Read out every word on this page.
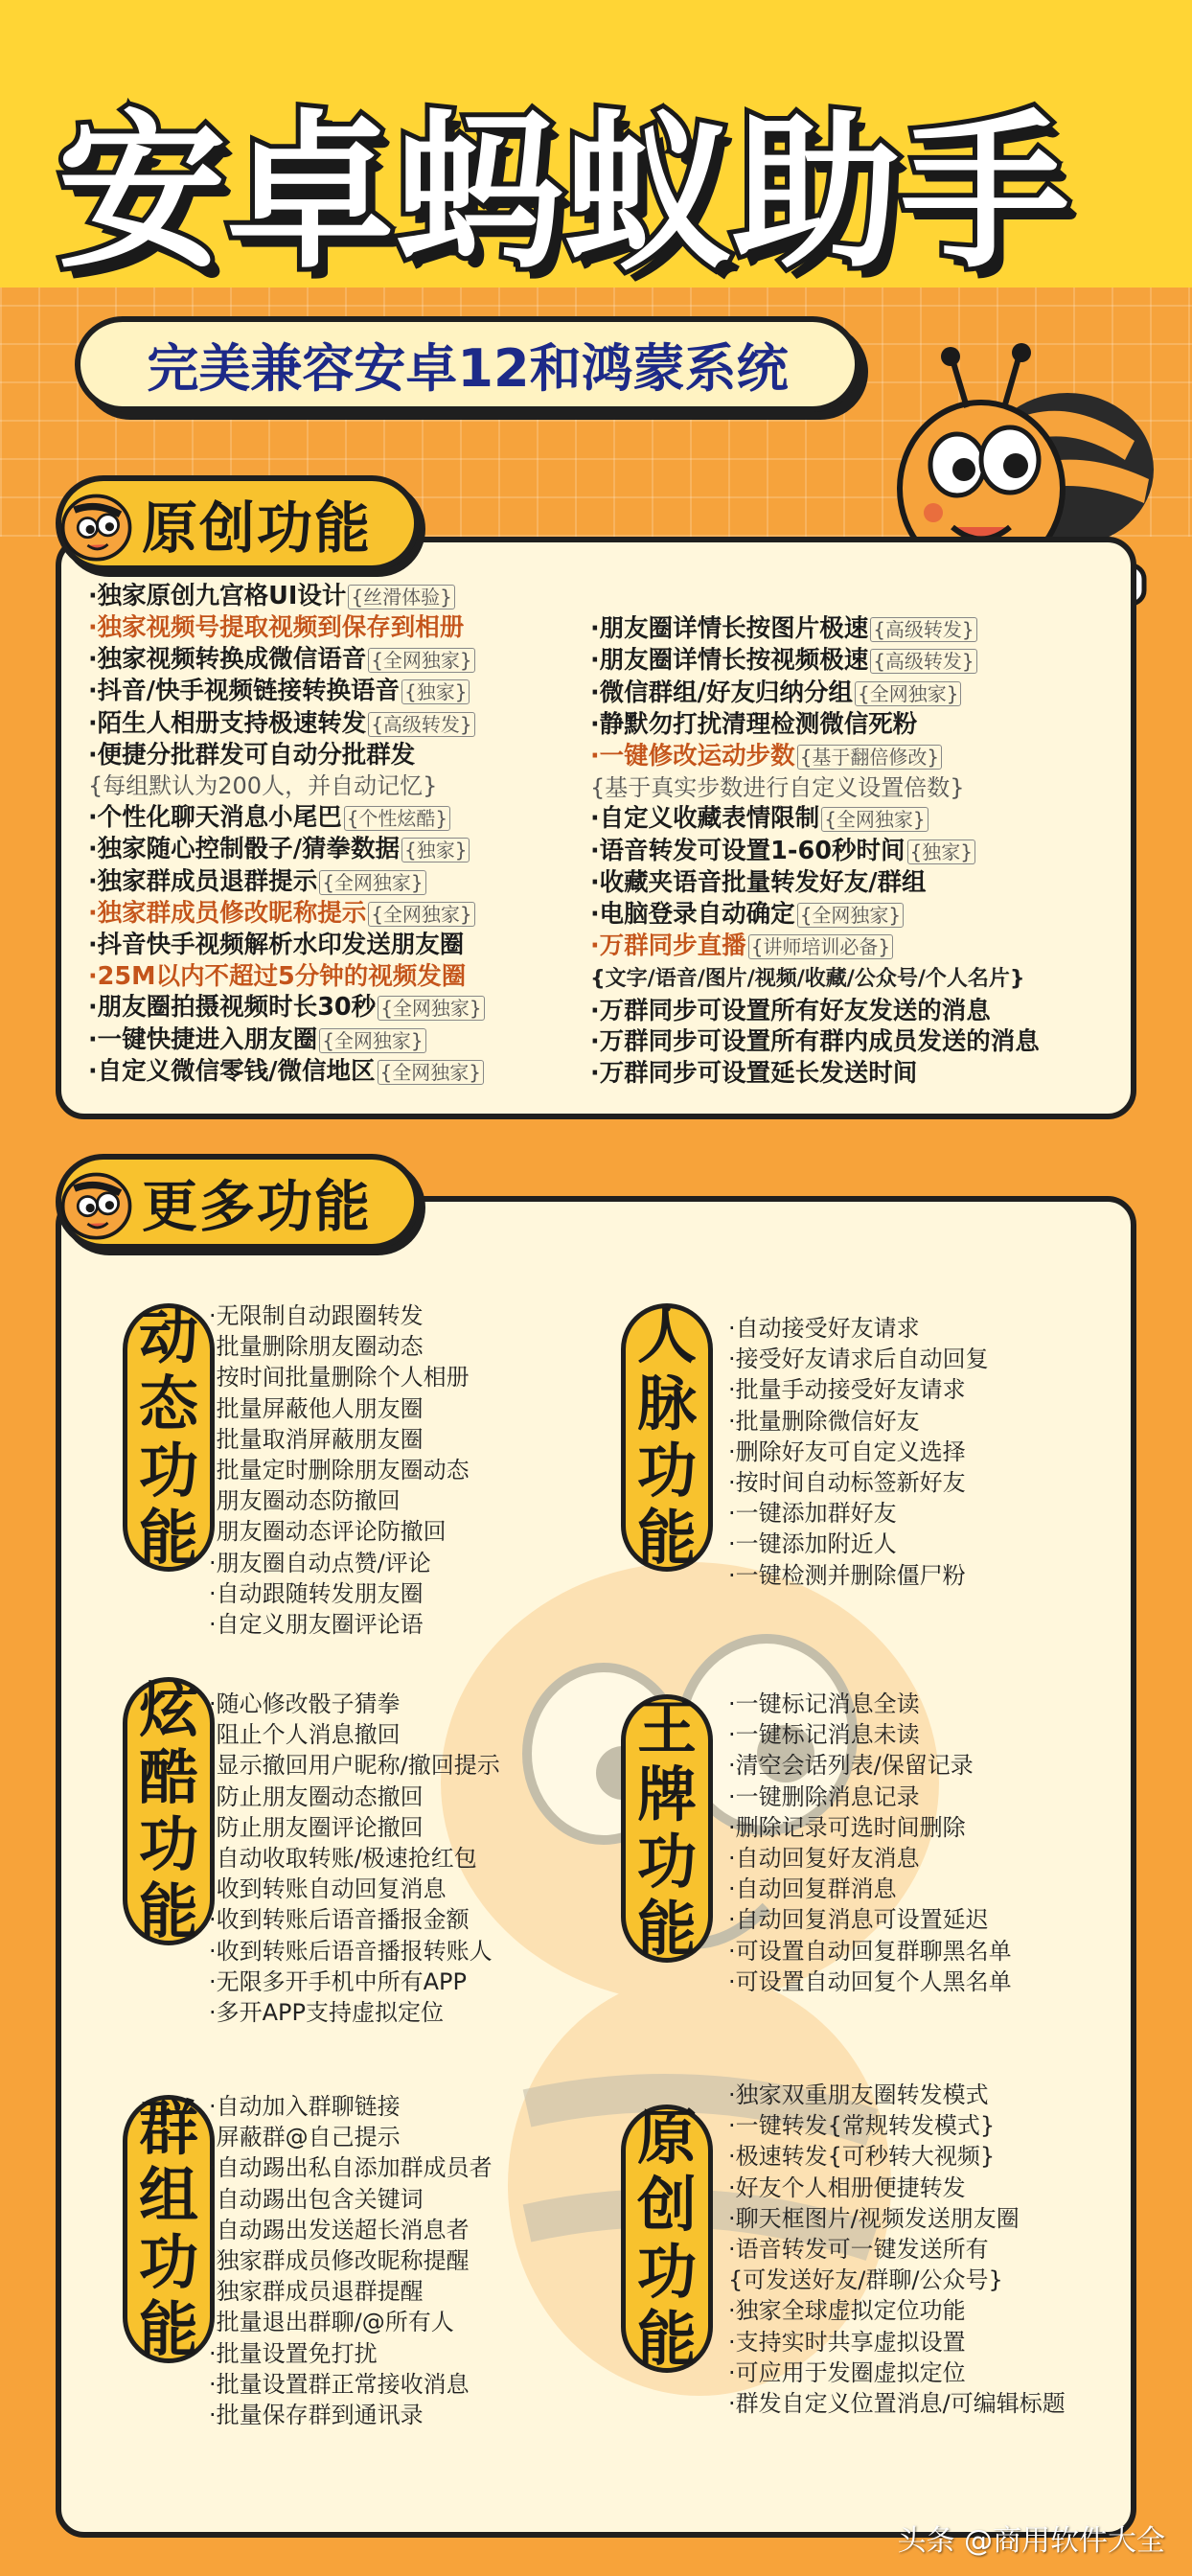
安卓蚂蚁助手
完美兼容安卓12和鸿蒙系统
原创功能
·独家原创九宫格UI设计 {丝滑体验}
·独家视频号提取视频到保存到相册
·独家视频转换成微信语音 {全网独家}
·抖音/快手视频链接转换语音 {独家}
·陌生人相册支持极速转发 {高级转发}
·便捷分批群发可自动分批群发
{每组默认为200人，并自动记忆}
·个性化聊天消息小尾巴 {个性炫酷}
·独家随心控制骰子/猜拳数据 {独家}
·独家群成员退群提示 {全网独家}
·独家群成员修改昵称提示 {全网独家}
·抖音快手视频解析水印发送朋友圈
·25M以内不超过5分钟的视频发圈
·朋友圈拍摄视频时长30秒 {全网独家}
·一键快捷进入朋友圈 {全网独家}
·自定义微信零钱/微信地区 {全网独家}
·朋友圈详情长按图片极速 {高级转发}
·朋友圈详情长按视频极速 {高级转发}
·微信群组/好友归纳分组 {全网独家}
·静默勿打扰清理检测微信死粉
·一键修改运动步数 {基于翻倍修改}
{基于真实步数进行自定义设置倍数}
·自定义收藏表情限制 {全网独家}
·语音转发可设置1-60秒时间 {独家}
·收藏夹语音批量转发好友/群组
·电脑登录自动确定 {全网独家}
·万群同步直播 {讲师培训必备}
{文字/语音/图片/视频/收藏/公众号/个人名片}
·万群同步可设置所有好友发送的消息
·万群同步可设置所有群内成员发送的消息
·万群同步可设置延长发送时间
更多功能
动
态
功
能
·无限制自动跟圈转发
·批量删除朋友圈动态
·按时间批量删除个人相册
·批量屏蔽他人朋友圈
·批量取消屏蔽朋友圈
·批量定时删除朋友圈动态
·朋友圈动态防撤回
·朋友圈动态评论防撤回
·朋友圈自动点赞/评论
·自动跟随转发朋友圈
·自定义朋友圈评论语
人
脉
功
能
·自动接受好友请求
·接受好友请求后自动回复
·批量手动接受好友请求
·批量删除微信好友
·删除好友可自定义选择
·按时间自动标签新好友
·一键添加群好友
·一键添加附近人
·一键检测并删除僵尸粉
炫
酷
功
能
·随心修改骰子猜拳
·阻止个人消息撤回
·显示撤回用户昵称/撤回提示
·防止朋友圈动态撤回
·防止朋友圈评论撤回
·自动收取转账/极速抢红包
·收到转账自动回复消息
·收到转账后语音播报金额
·收到转账后语音播报转账人
·无限多开手机中所有APP
·多开APP支持虚拟定位
王
牌
功
能
·一键标记消息全读
·一键标记消息未读
·清空会话列表/保留记录
·一键删除消息记录
·删除记录可选时间删除
·自动回复好友消息
·自动回复群消息
·自动回复消息可设置延迟
·可设置自动回复群聊黑名单
·可设置自动回复个人黑名单
群
组
功
能
·自动加入群聊链接
·屏蔽群@自己提示
·自动踢出私自添加群成员者
·自动踢出包含关键词
·自动踢出发送超长消息者
·独家群成员修改昵称提醒
·独家群成员退群提醒
·批量退出群聊/@所有人
·批量设置免打扰
·批量设置群正常接收消息
·批量保存群到通讯录
原
创
功
能
·独家双重朋友圈转发模式
·一键转发{常规转发模式}
·极速转发{可秒转大视频}
·好友个人相册便捷转发
·聊天框图片/视频发送朋友圈
·语音转发可一键发送所有
{可发送好友/群聊/公众号}
·独家全球虚拟定位功能
·支持实时共享虚拟设置
·可应用于发圈虚拟定位
·群发自定义位置消息/可编辑标题
头条 @商用软件大全
